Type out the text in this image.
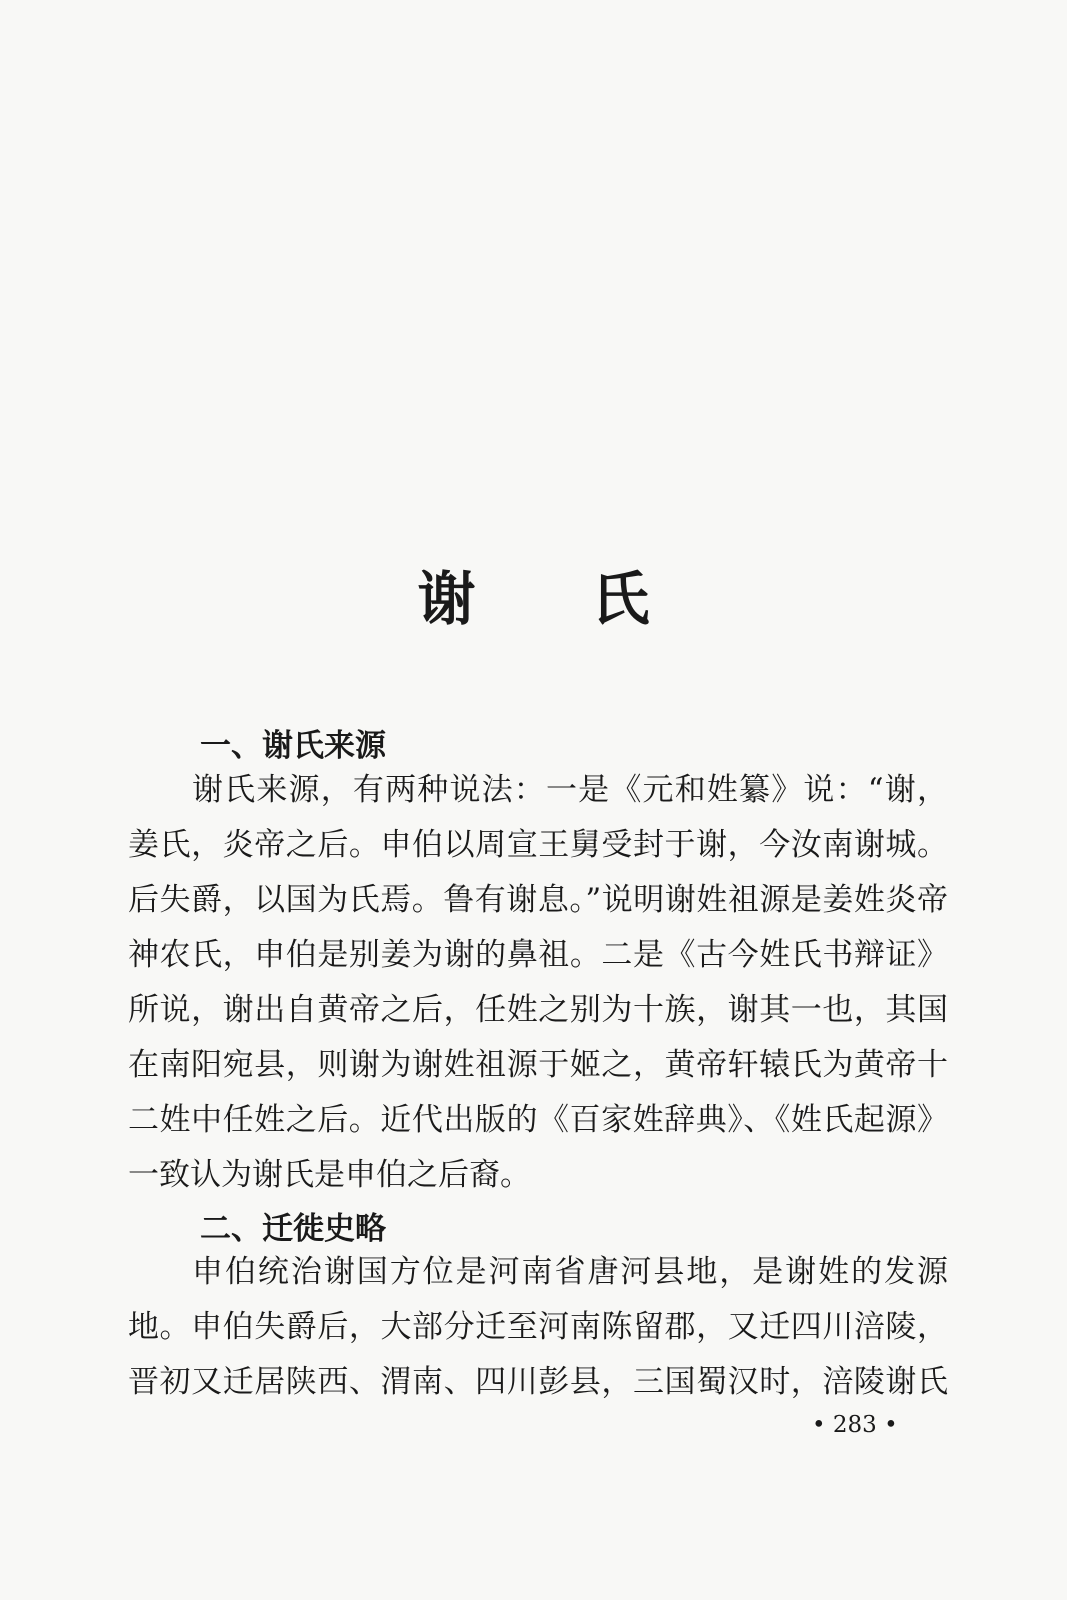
谢 氏
一、谢氏来源
谢氏来源，有两种说法：一是《元和姓纂》说：“谢，
姜氏，炎帝之后。申伯以周宣王舅受封于谢，今汝南谢城。
后失爵，以国为氏焉。鲁有谢息。”说明谢姓祖源是姜姓炎帝
神农氏，申伯是别姜为谢的鼻祖。二是《古今姓氏书辩证》
所说，谢出自黄帝之后，任姓之别为十族，谢其一也，其国
在南阳宛县，则谢为谢姓祖源于姬之，黄帝轩辕氏为黄帝十
二姓中任姓之后。近代出版的《百家姓辞典》、《姓氏起源》
一致认为谢氏是申伯之后裔。
二、迁徙史略
申伯统治谢国方位是河南省唐河县地，是谢姓的发源
地。申伯失爵后，大部分迁至河南陈留郡，又迁四川涪陵，
晋初又迁居陕西、渭南、四川彭县，三国蜀汉时，涪陵谢氏
• 283 •
